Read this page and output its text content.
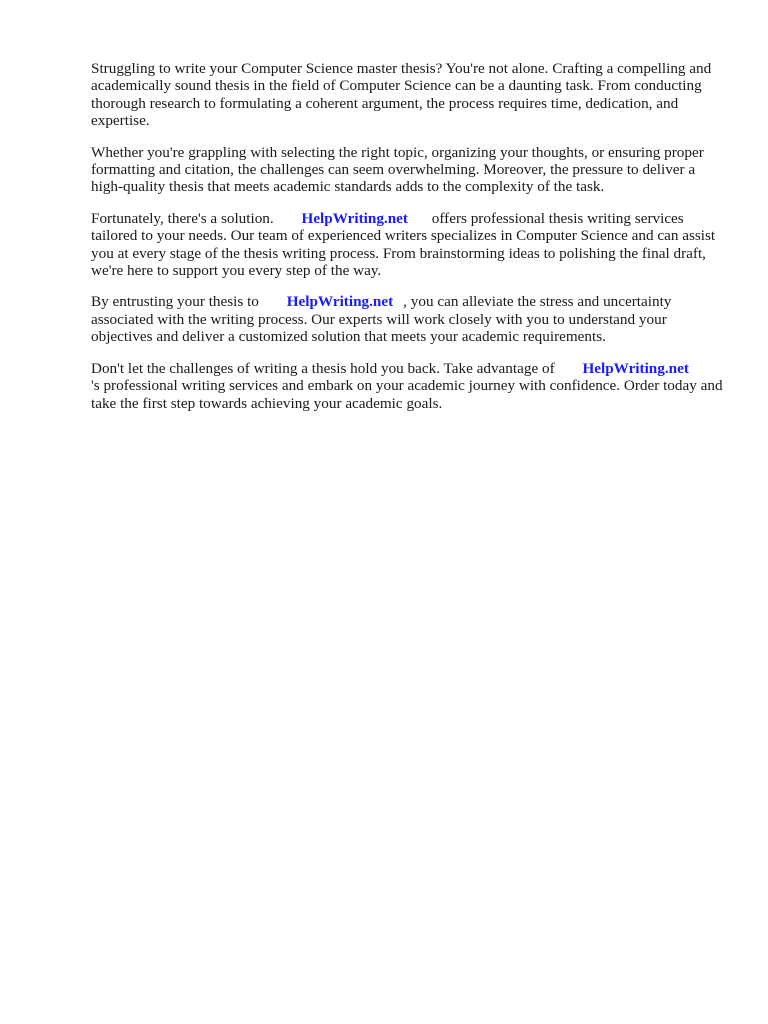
Struggling to write your Computer Science master thesis? You're not alone. Crafting a compelling and academically sound thesis in the field of Computer Science can be a daunting task. From conducting thorough research to formulating a coherent argument, the process requires time, dedication, and expertise.

Whether you're grappling with selecting the right topic, organizing your thoughts, or ensuring proper formatting and citation, the challenges can seem overwhelming. Moreover, the pressure to deliver a high-quality thesis that meets academic standards adds to the complexity of the task.

Fortunately, there's a solution. HelpWriting.net offers professional thesis writing services tailored to your needs. Our team of experienced writers specializes in Computer Science and can assist you at every stage of the thesis writing process. From brainstorming ideas to polishing the final draft, we're here to support you every step of the way.

By entrusting your thesis to HelpWriting.net , you can alleviate the stress and uncertainty associated with the writing process. Our experts will work closely with you to understand your objectives and deliver a customized solution that meets your academic requirements.

Don't let the challenges of writing a thesis hold you back. Take advantage of HelpWriting.net 's professional writing services and embark on your academic journey with confidence. Order today and take the first step towards achieving your academic goals.
